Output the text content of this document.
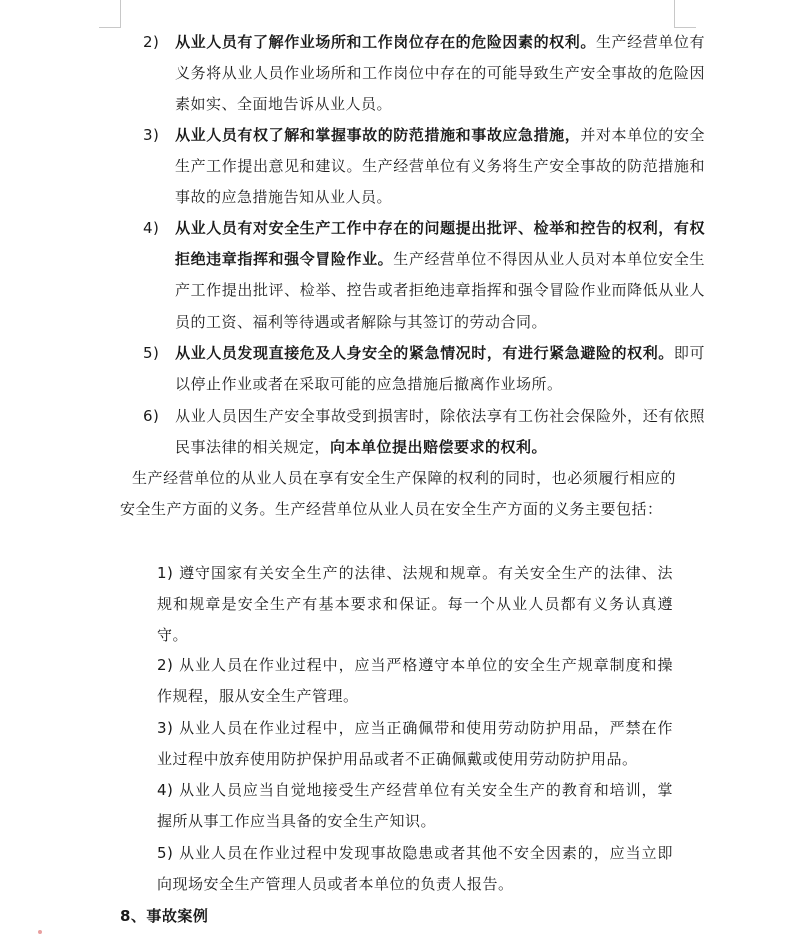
2) 从业人员有了解作业场所和工作岗位存在的危险因素的权利。生产经营单位有义务将从业人员作业场所和工作岗位中存在的可能导致生产安全事故的危险因素如实、全面地告诉从业人员。
3) 从业人员有权了解和掌握事故的防范措施和事故应急措施，并对本单位的安全生产工作提出意见和建议。生产经营单位有义务将生产安全事故的防范措施和事故的应急措施告知从业人员。
4) 从业人员有对安全生产工作中存在的问题提出批评、检举和控告的权利，有权拒绝违章指挥和强令冒险作业。生产经营单位不得因从业人员对本单位安全生产工作提出批评、检举、控告或者拒绝违章指挥和强令冒险作业而降低从业人员的工资、福利等待遇或者解除与其签订的劳动合同。
5) 从业人员发现直接危及人身安全的紧急情况时，有进行紧急避险的权利。即可以停止作业或者在采取可能的应急措施后撤离作业场所。
6) 从业人员因生产安全事故受到损害时，除依法享有工伤社会保险外，还有依照民事法律的相关规定，向本单位提出赔偿要求的权利。
生产经营单位的从业人员在享有安全生产保障的权利的同时，也必须履行相应的安全生产方面的义务。生产经营单位从业人员在安全生产方面的义务主要包括：
1) 遵守国家有关安全生产的法律、法规和规章。有关安全生产的法律、法规和规章是安全生产有基本要求和保证。每一个从业人员都有义务认真遵守。
2) 从业人员在作业过程中，应当严格遵守本单位的安全生产规章制度和操作规程，服从安全生产管理。
3) 从业人员在作业过程中，应当正确佩带和使用劳动防护用品，严禁在作业过程中放弃使用防护保护用品或者不正确佩戴或使用劳动防护用品。
4) 从业人员应当自觉地接受生产经营单位有关安全生产的教育和培训，掌握所从事工作应当具备的安全生产知识。
5) 从业人员在作业过程中发现事故隐患或者其他不安全因素的，应当立即向现场安全生产管理人员或者本单位的负责人报告。
8、事故案例
